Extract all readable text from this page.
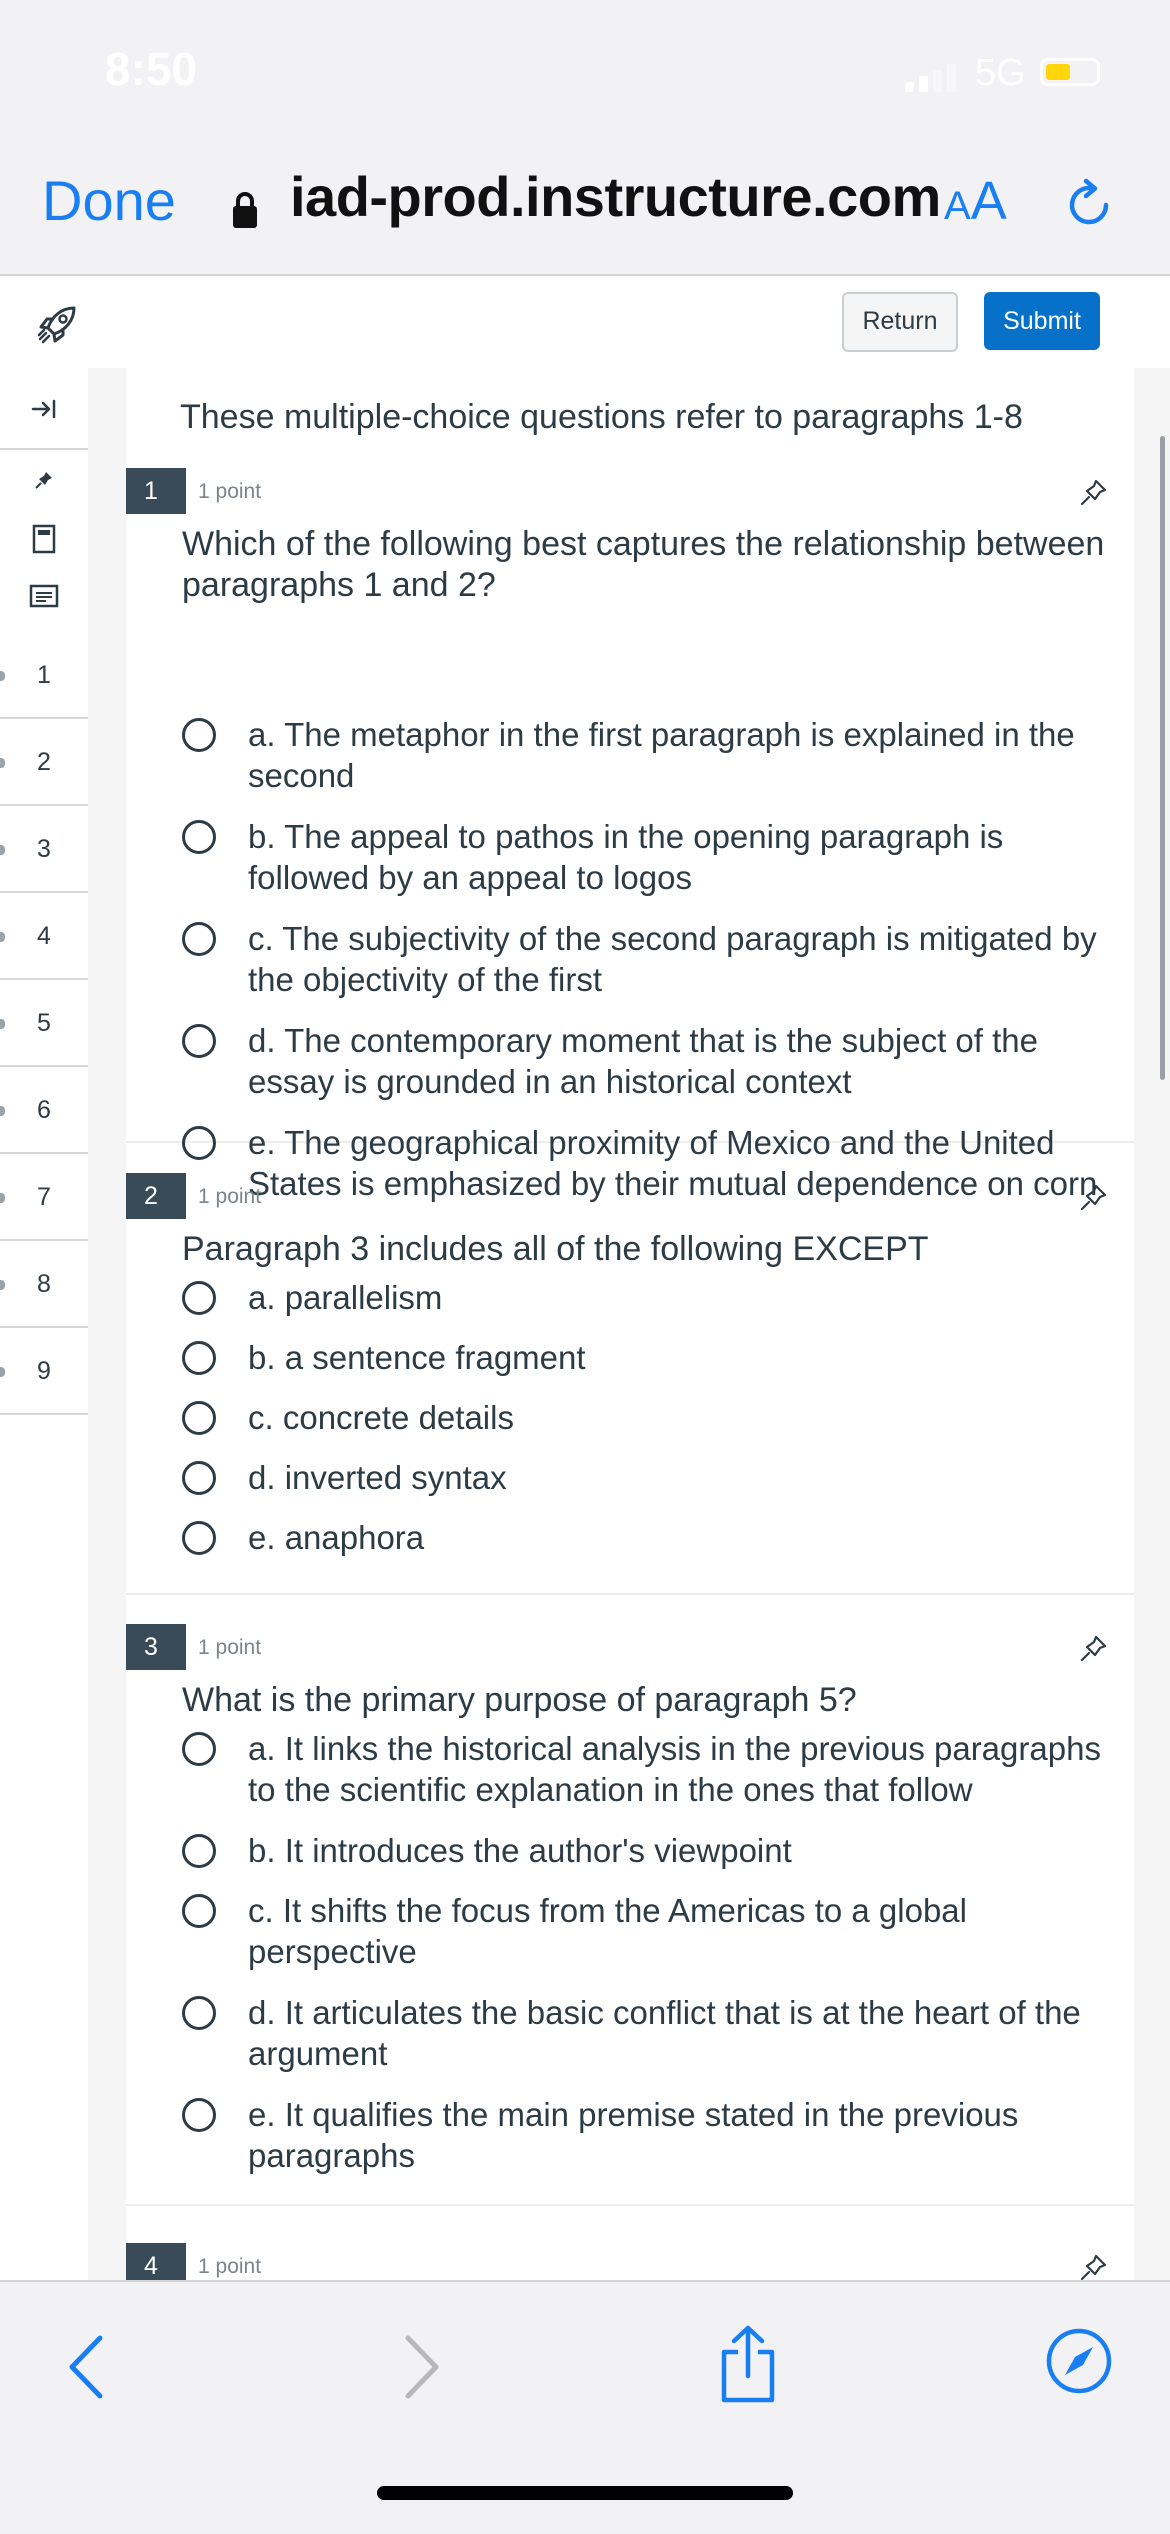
8:50	5G
Done iad-prod.instructure.com AA
Return	Submit
1
2
3
4
5
6
7
8
9
These multiple-choice questions refer to paragraphs 1-8
1	1 point
Which of the following best captures the relationship between paragraphs 1 and 2?
a. The metaphor in the first paragraph is explained in the second
b. The appeal to pathos in the opening paragraph is followed by an appeal to logos
c. The subjectivity of the second paragraph is mitigated by the objectivity of the first
d. The contemporary moment that is the subject of the essay is grounded in an historical context
e. The geographical proximity of Mexico and the United States is emphasized by their mutual dependence on corn
2	1 point
Paragraph 3 includes all of the following EXCEPT
a. parallelism
b. a sentence fragment
c. concrete details
d. inverted syntax
e. anaphora
3	1 point
What is the primary purpose of paragraph 5?
a. It links the historical analysis in the previous paragraphs to the scientific explanation in the ones that follow
b. It introduces the author's viewpoint
c. It shifts the focus from the Americas to a global perspective
d. It articulates the basic conflict that is at the heart of the argument
e. It qualifies the main premise stated in the previous paragraphs
4	1 point
